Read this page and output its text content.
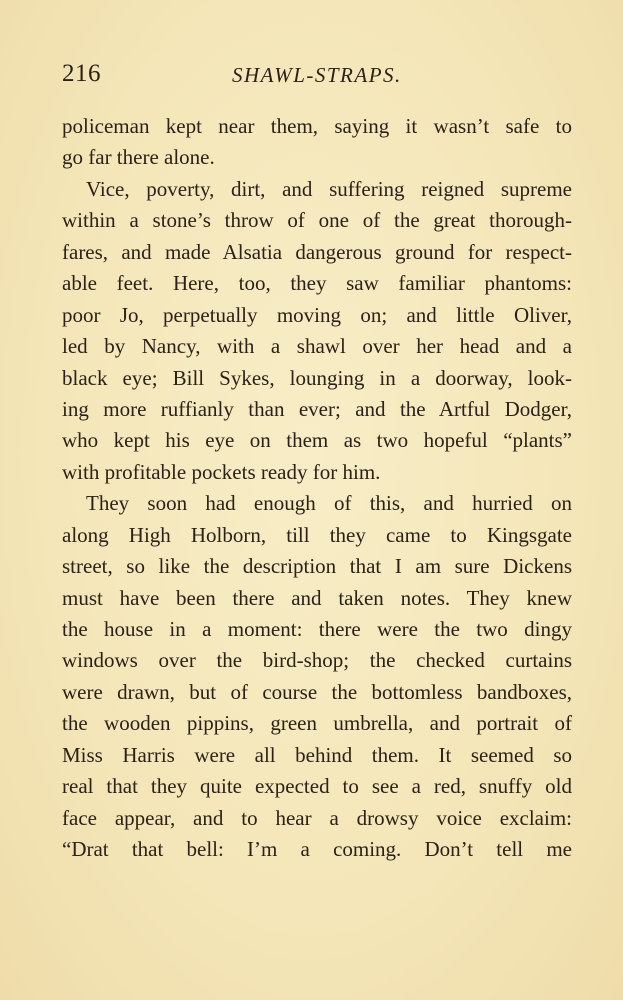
216	SHAWL-STRAPS.
policeman kept near them, saying it wasn’t safe to
go far there alone.
Vice, poverty, dirt, and suffering reigned supreme
within a stone’s throw of one of the great thorough-
fares, and made Alsatia dangerous ground for respect-
able feet. Here, too, they saw familiar phantoms:
poor Jo, perpetually moving on; and little Oliver,
led by Nancy, with a shawl over her head and a
black eye; Bill Sykes, lounging in a doorway, look-
ing more ruffianly than ever; and the Artful Dodger,
who kept his eye on them as two hopeful “plants”
with profitable pockets ready for him.
They soon had enough of this, and hurried on
along High Holborn, till they came to Kingsgate
street, so like the description that I am sure Dickens
must have been there and taken notes. They knew
the house in a moment: there were the two dingy
windows over the bird-shop; the checked curtains
were drawn, but of course the bottomless bandboxes,
the wooden pippins, green umbrella, and portrait of
Miss Harris were all behind them. It seemed so
real that they quite expected to see a red, snuffy old
face appear, and to hear a drowsy voice exclaim:
“Drat that bell: I’m a coming. Don’t tell me
